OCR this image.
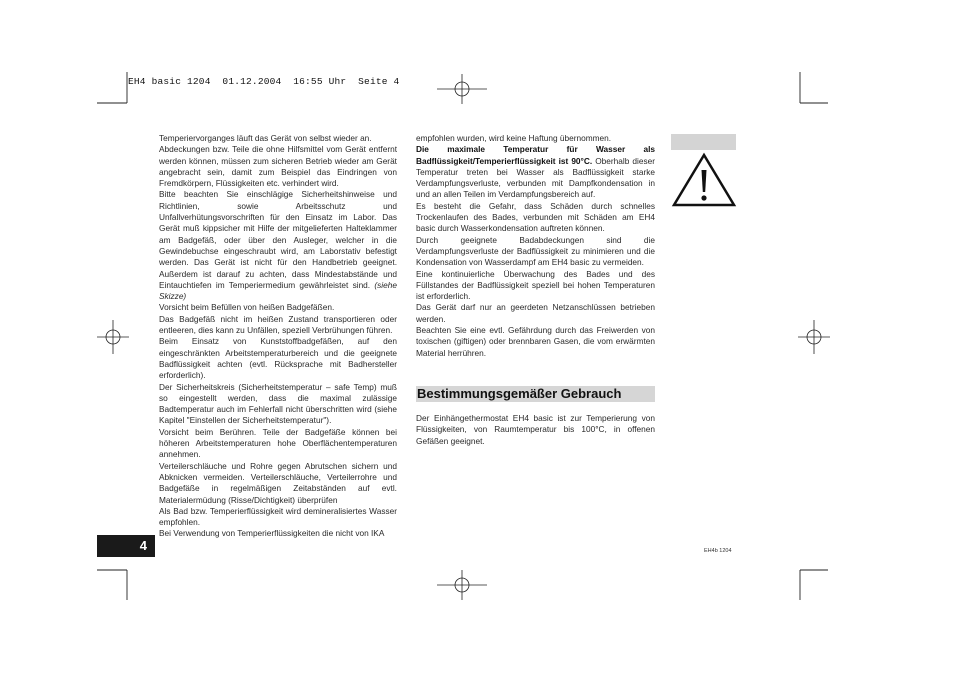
EH4 basic 1204  01.12.2004  16:55 Uhr  Seite 4

Temperiervorganges läuft das Gerät von selbst wieder an.

Abdeckungen bzw. Teile die ohne Hilfsmittel vom Gerät entfernt werden können, müssen zum sicheren Betrieb wieder am Gerät angebracht sein, damit zum Beispiel das Eindringen von Fremdkörpern, Flüssigkeiten etc. verhindert wird.

Bitte beachten Sie einschlägige Sicherheitshinweise und Richtlinien, sowie Arbeitsschutz und Unfallverhütungsvorschriften für den Einsatz im Labor. Das Gerät muß kippsicher mit Hilfe der mitgelieferten Halteklammer am Badgefäß, oder über den Ausleger, welcher in die Gewindebuchse eingeschraubt wird, am Laborstativ befestigt werden. Das Gerät ist nicht für den Handbetrieb geeignet. Außerdem ist darauf zu achten, dass Mindestabstände und Eintauchtiefen im Temperiermedium gewährleistet sind. (siehe Skizze)

Vorsicht beim Befüllen von heißen Badgefäßen.

Das Badgefäß nicht im heißen Zustand transportieren oder entleeren, dies kann zu Unfällen, speziell Verbrühungen führen.

Beim Einsatz von Kunststoffbadgefäßen, auf den eingeschränkten Arbeitstemperaturbereich und die geeignete Badflüssigkeit achten (evtl. Rücksprache mit Badhersteller erforderlich).

Der Sicherheitskreis (Sicherheitstemperatur – safe Temp) muß so eingestellt werden, dass die maximal zulässige Badtemperatur auch im Fehlerfall nicht überschritten wird (siehe Kapitel "Einstellen der Sicherheitstemperatur").

Vorsicht beim Berühren. Teile der Badgefäße können bei höheren Arbeitstemperaturen hohe Oberflächentemperaturen annehmen.

Verteilerschläuche und Rohre gegen Abrutschen sichern und Abknicken vermeiden. Verteilerschläuche, Verteilerrohre und Badgefäße in regelmäßigen Zeitabständen auf evtl. Materialermüdung (Risse/Dichtigkeit) überprüfen

Als Bad bzw. Temperierflüssigkeit wird demineralisiertes Wasser empfohlen.

Bei Verwendung von Temperierflüssigkeiten die nicht von IKA

empfohlen wurden, wird keine Haftung übernommen.

Die maximale Temperatur für Wasser als Badflüssigkeit/Temperierflüssigkeit ist 90°C. Oberhalb dieser Temperatur treten bei Wasser als Badflüssigkeit starke Verdampfungsverluste, verbunden mit Dampfkondensation in und an allen Teilen im Verdampfungsbereich auf.

Es besteht die Gefahr, dass Schäden durch schnelles Trockenlaufen des Bades, verbunden mit Schäden am EH4 basic durch Wasserkondensation auftreten können.

Durch geeignete Badabdeckungen sind die Verdampfungsverluste der Badflüssigkeit zu minimieren und die Kondensation von Wasserdampf am EH4 basic zu vermeiden.

Eine kontinuierliche Überwachung des Bades und des Füllstandes der Badflüssigkeit speziell bei hohen Temperaturen ist erforderlich.

Das Gerät darf nur an geerdeten Netzanschlüssen betrieben werden.

Beachten Sie eine evtl. Gefährdung durch das Freiwerden von toxischen (giftigen) oder brennbaren Gasen, die vom erwärmten Material herrühren.

Bestimmungsgemäßer Gebrauch

Der Einhängethermostat EH4 basic ist zur Temperierung von Flüssigkeiten, von Raumtemperatur bis 100°C, in offenen Gefäßen geeignet.

4	EH4b 1204
